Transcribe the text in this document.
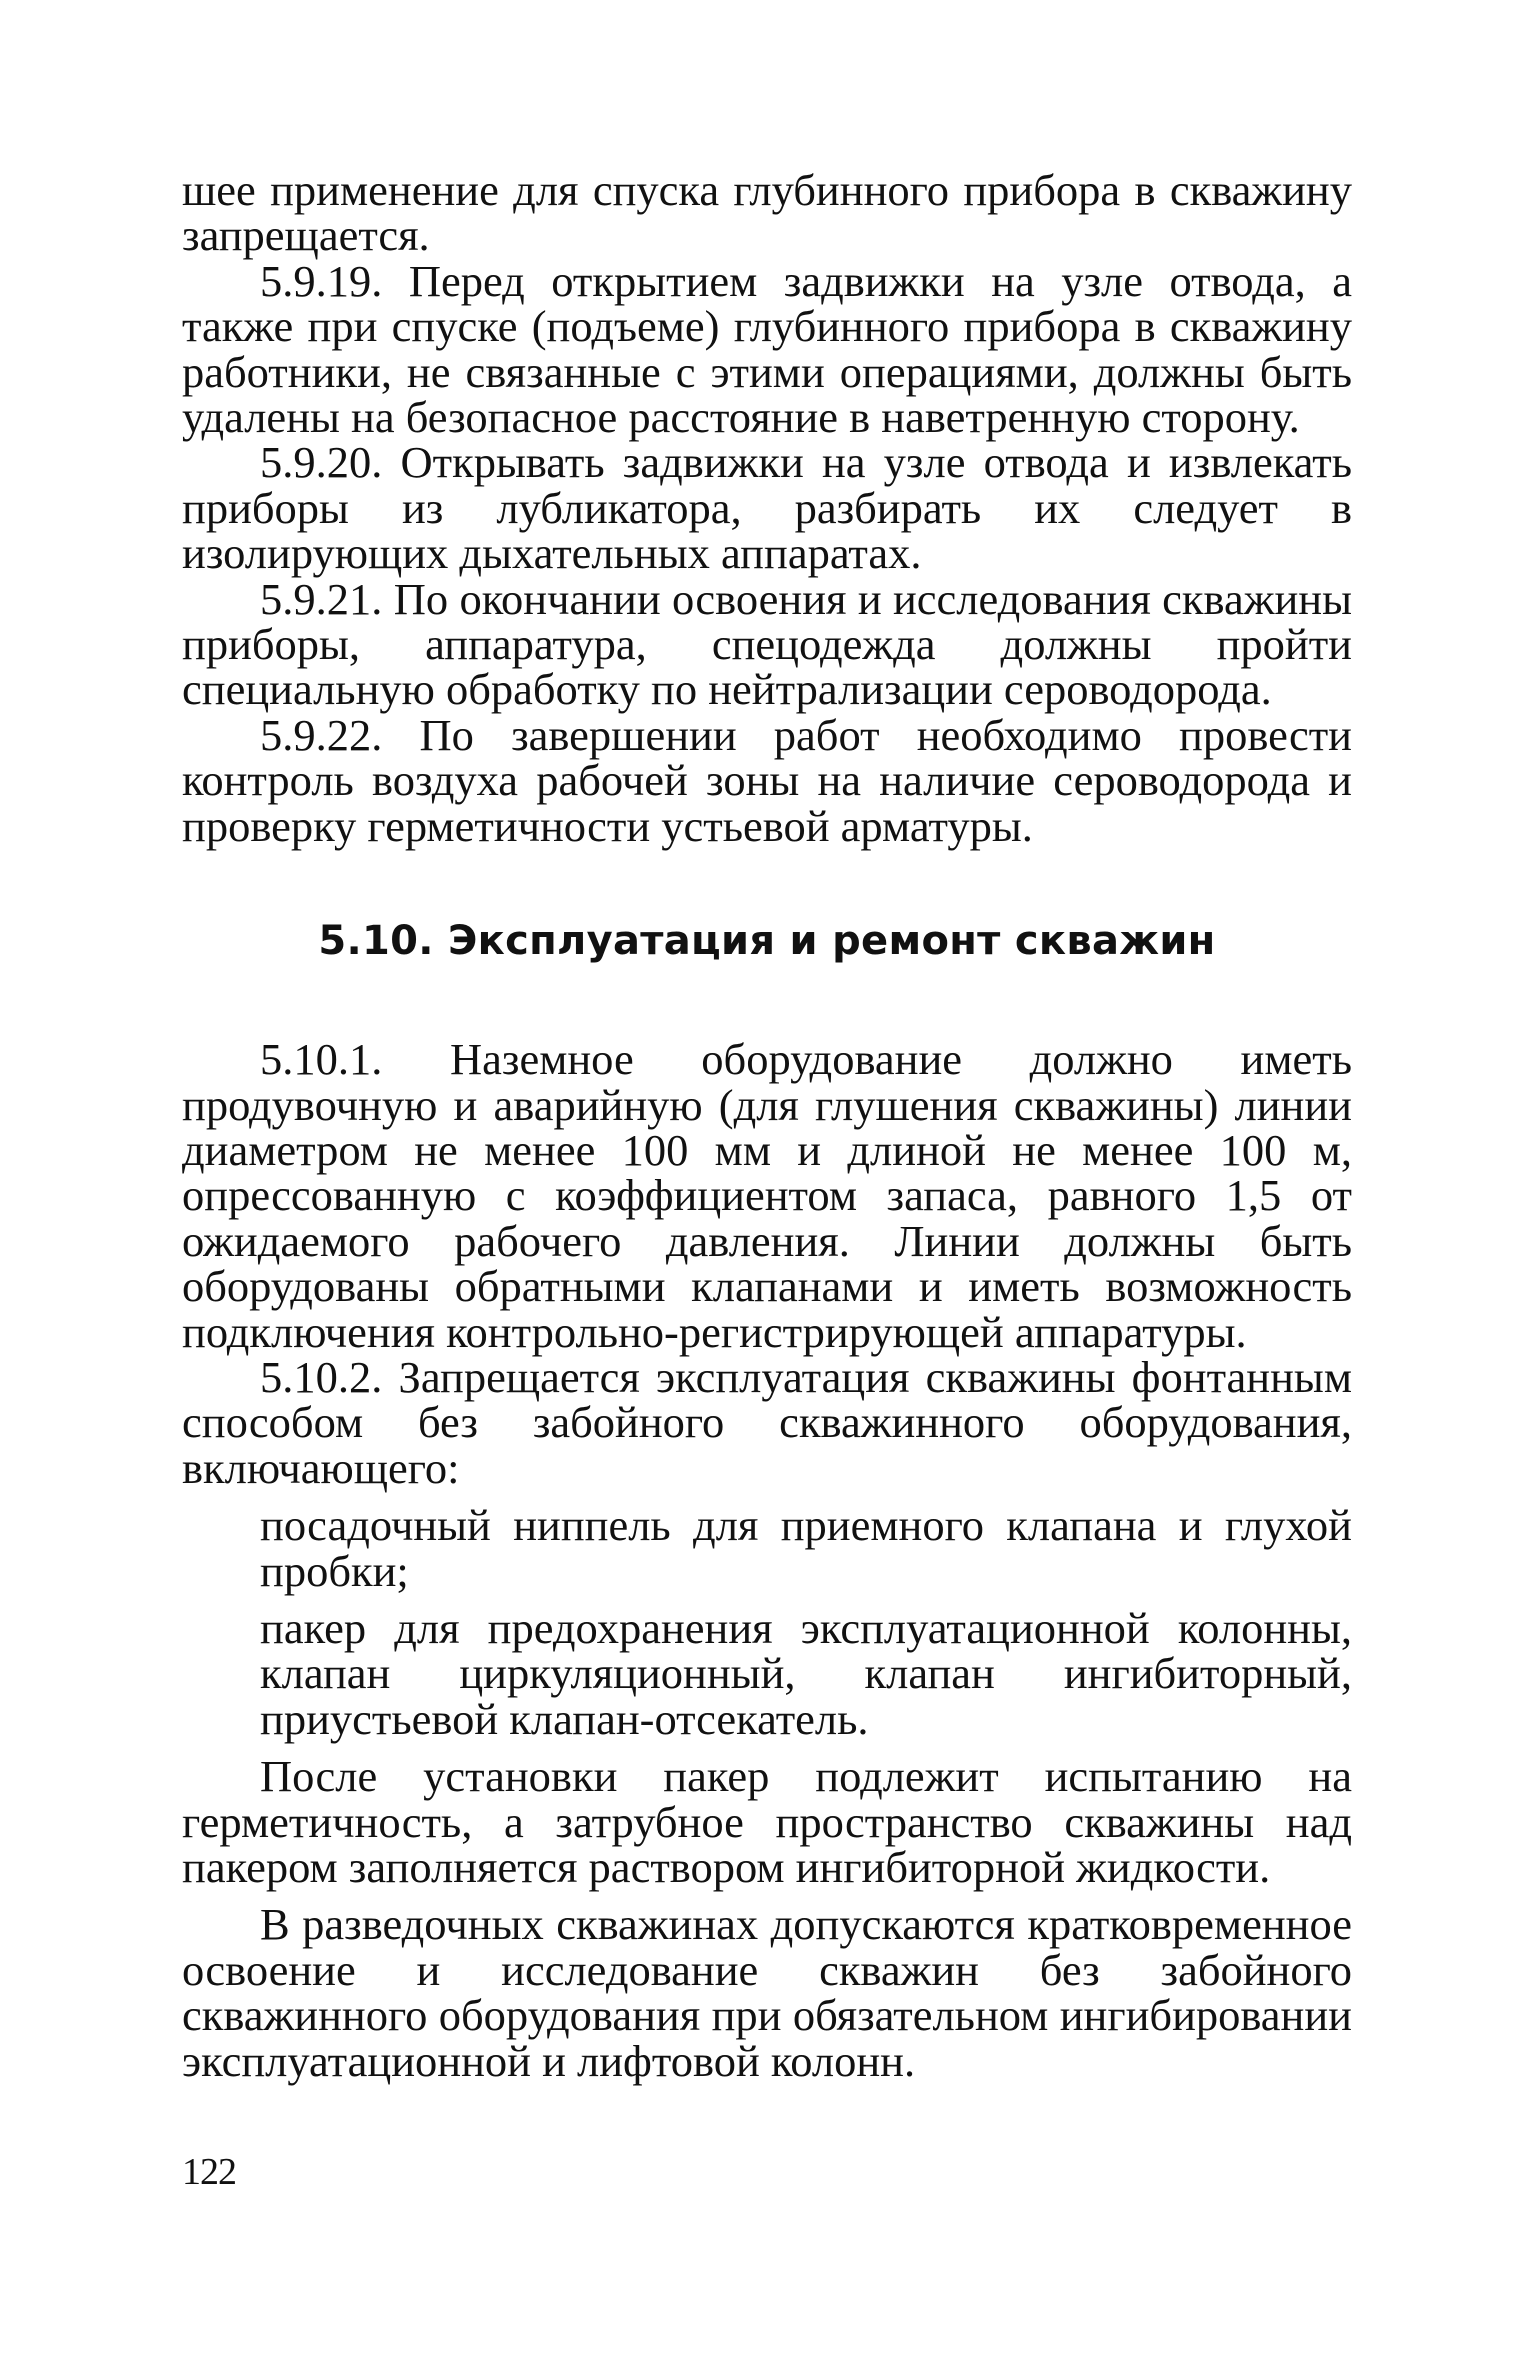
шее применение для спуска глубинного прибора в скважину запрещается.

5.9.19. Перед открытием задвижки на узле отвода, а также при спуске (подъеме) глубинного прибора в скважину работники, не связанные с этими операциями, должны быть удалены на безопасное расстояние в наветренную сторону.

5.9.20. Открывать задвижки на узле отвода и извлекать приборы из лубликатора, разбирать их следует в изолирующих дыхательных аппаратах.

5.9.21. По окончании освоения и исследования скважины приборы, аппаратура, спецодежда должны пройти специальную обработку по нейтрализации сероводорода.

5.9.22. По завершении работ необходимо провести контроль воздуха рабочей зоны на наличие сероводорода и проверку герметичности устьевой арматуры.

5.10. Эксплуатация и ремонт скважин

5.10.1. Наземное оборудование должно иметь продувочную и аварийную (для глушения скважины) линии диаметром не менее 100 мм и длиной не менее 100 м, опрессованную с коэффициентом запаса, равного 1,5 от ожидаемого рабочего давления. Линии должны быть оборудованы обратными клапанами и иметь возможность подключения контрольно-регистрирующей аппаратуры.

5.10.2. Запрещается эксплуатация скважины фонтанным способом без забойного скважинного оборудования, включающего:

посадочный ниппель для приемного клапана и глухой пробки;

пакер для предохранения эксплуатационной колонны, клапан циркуляционный, клапан ингибиторный, приустьевой клапан-отсекатель.

После установки пакер подлежит испытанию на герметичность, а затрубное пространство скважины над пакером заполняется раствором ингибиторной жидкости.

В разведочных скважинах допускаются кратковременное освоение и исследование скважин без забойного скважинного оборудования при обязательном ингибировании эксплуатационной и лифтовой колонн.

122
